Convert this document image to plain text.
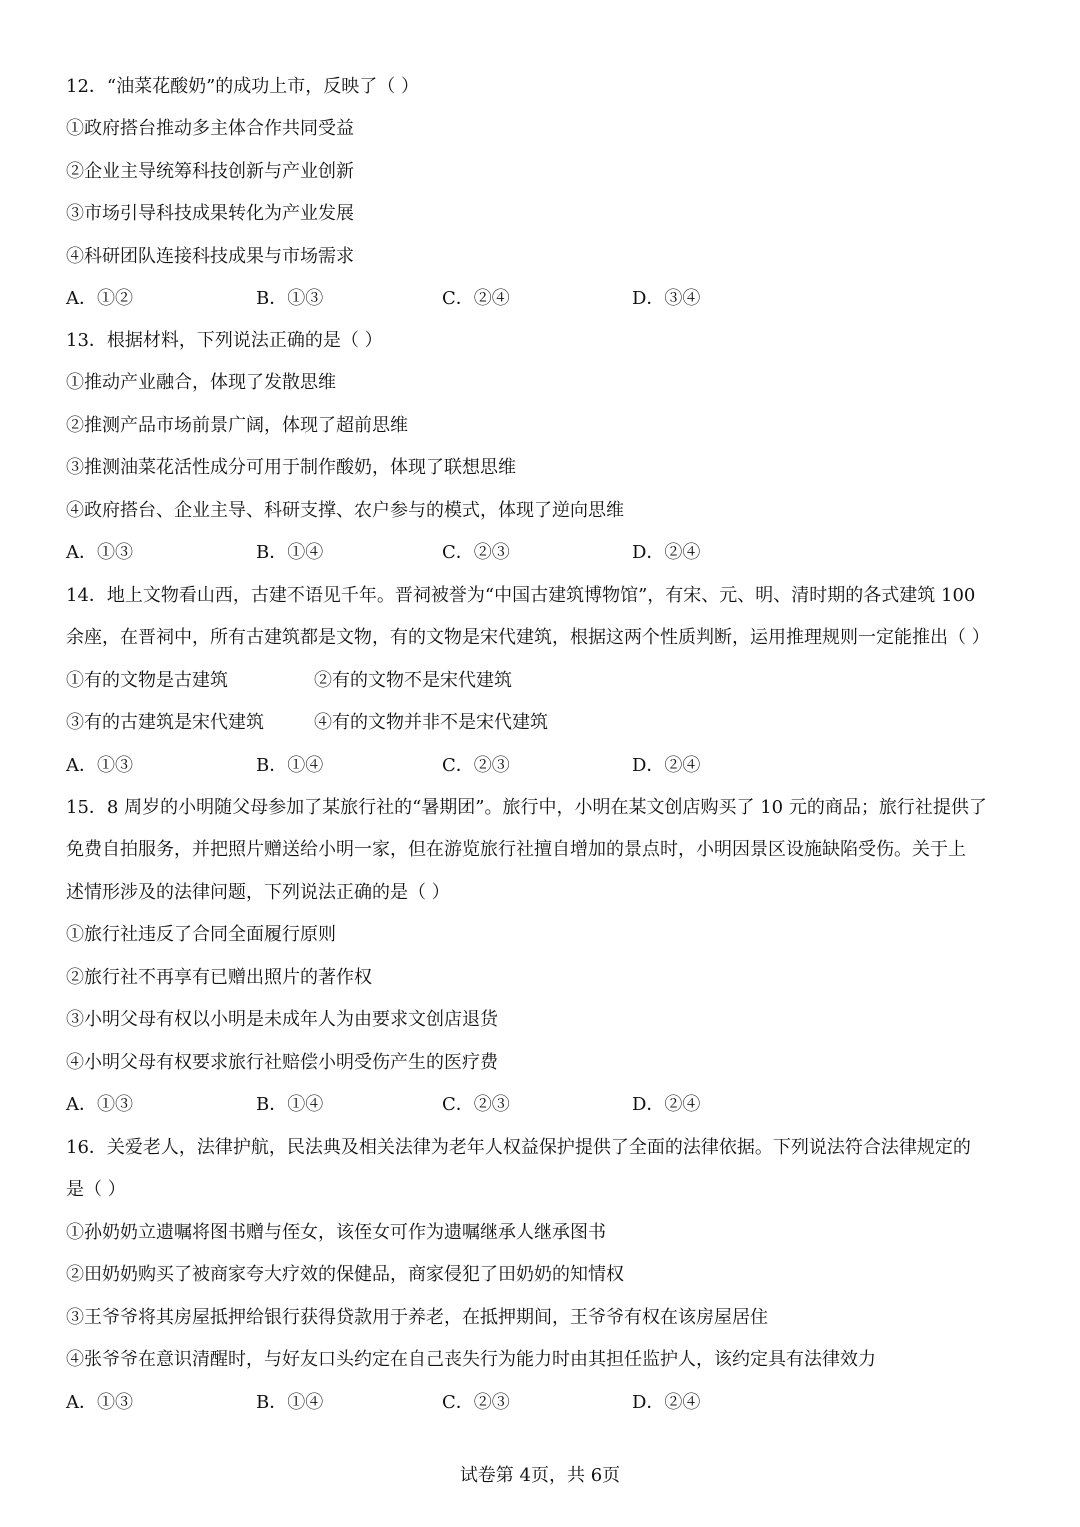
12．“油菜花酸奶”的成功上市，反映了（ ）
①政府搭台推动多主体合作共同受益
②企业主导统筹科技创新与产业创新
③市场引导科技成果转化为产业发展
④科研团队连接科技成果与市场需求
A．①②	B．①③	C．②④	D．③④
13．根据材料，下列说法正确的是（ ）
①推动产业融合，体现了发散思维
②推测产品市场前景广阔，体现了超前思维
③推测油菜花活性成分可用于制作酸奶，体现了联想思维
④政府搭台、企业主导、科研支撑、农户参与的模式，体现了逆向思维
A．①③	B．①④	C．②③	D．②④
14．地上文物看山西，古建不语见千年。晋祠被誉为“中国古建筑博物馆”，有宋、元、明、清时期的各式建筑 100
余座，在晋祠中，所有古建筑都是文物，有的文物是宋代建筑，根据这两个性质判断，运用推理规则一定能推出（ ）
①有的文物是古建筑	②有的文物不是宋代建筑
③有的古建筑是宋代建筑	④有的文物并非不是宋代建筑
A．①③	B．①④	C．②③	D．②④
15．8 周岁的小明随父母参加了某旅行社的“暑期团”。旅行中，小明在某文创店购买了 10 元的商品；旅行社提供了
免费自拍服务，并把照片赠送给小明一家，但在游览旅行社擅自增加的景点时，小明因景区设施缺陷受伤。关于上
述情形涉及的法律问题，下列说法正确的是（ ）
①旅行社违反了合同全面履行原则
②旅行社不再享有已赠出照片的著作权
③小明父母有权以小明是未成年人为由要求文创店退货
④小明父母有权要求旅行社赔偿小明受伤产生的医疗费
A．①③	B．①④	C．②③	D．②④
16．关爱老人，法律护航，民法典及相关法律为老年人权益保护提供了全面的法律依据。下列说法符合法律规定的
是（ ）
①孙奶奶立遗嘱将图书赠与侄女，该侄女可作为遗嘱继承人继承图书
②田奶奶购买了被商家夸大疗效的保健品，商家侵犯了田奶奶的知情权
③王爷爷将其房屋抵押给银行获得贷款用于养老，在抵押期间，王爷爷有权在该房屋居住
④张爷爷在意识清醒时，与好友口头约定在自己丧失行为能力时由其担任监护人，该约定具有法律效力
A．①③	B．①④	C．②③	D．②④
试卷第 4页，共 6页
